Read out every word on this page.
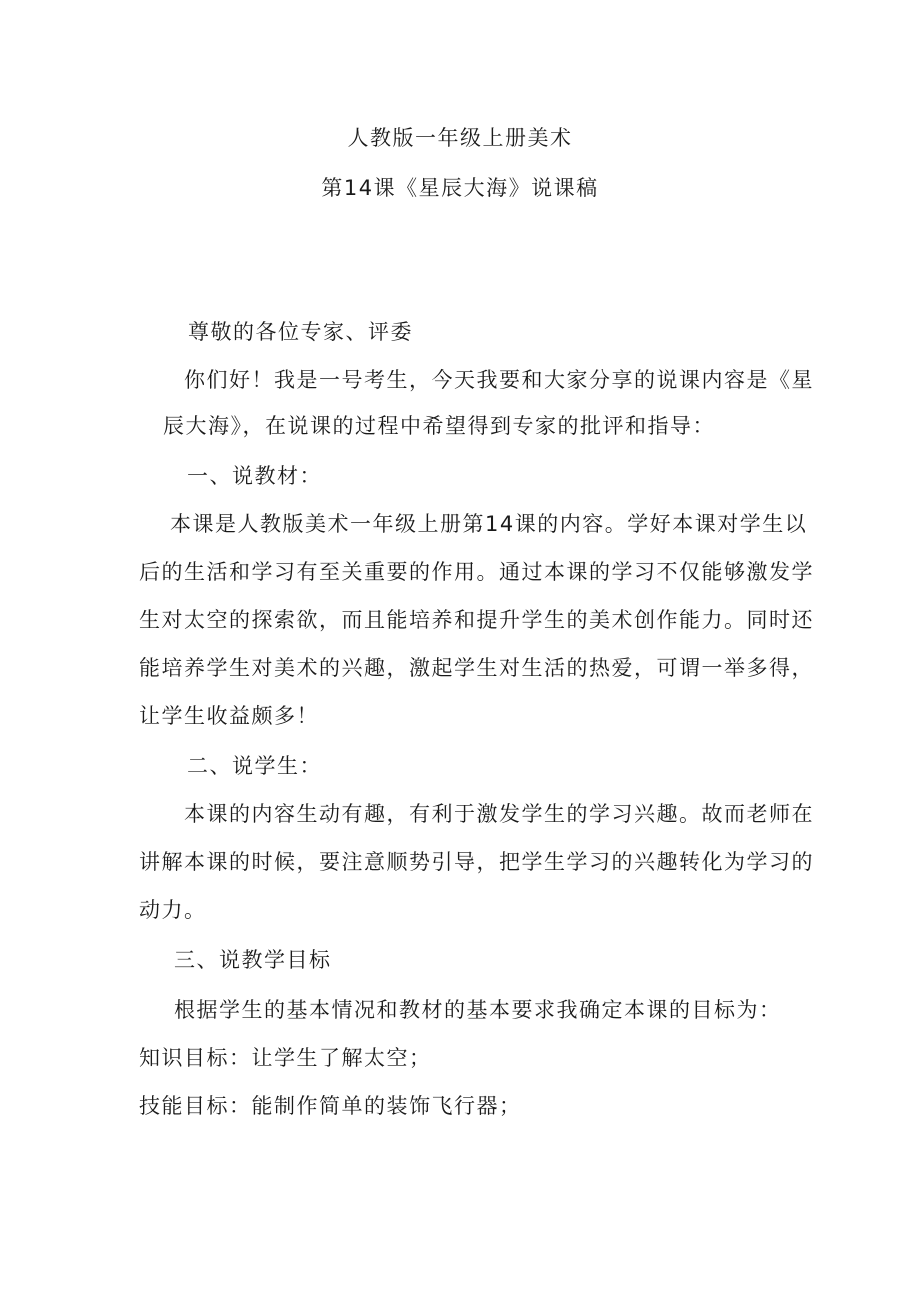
人教版一年级上册美术
第14课《星辰大海》说课稿
尊敬的各位专家、评委
你们好！我是一号考生，今天我要和大家分享的说课内容是《星
辰大海》，在说课的过程中希望得到专家的批评和指导：
一、说教材：
本课是人教版美术一年级上册第14课的内容。学好本课对学生以
后的生活和学习有至关重要的作用。通过本课的学习不仅能够激发学
生对太空的探索欲，而且能培养和提升学生的美术创作能力。同时还
能培养学生对美术的兴趣，激起学生对生活的热爱，可谓一举多得，
让学生收益颇多！
二、说学生：
本课的内容生动有趣，有利于激发学生的学习兴趣。故而老师在
讲解本课的时候，要注意顺势引导，把学生学习的兴趣转化为学习的
动力。
三、说教学目标
根据学生的基本情况和教材的基本要求我确定本课的目标为：
知识目标：让学生了解太空；
技能目标：能制作简单的装饰飞行器；
